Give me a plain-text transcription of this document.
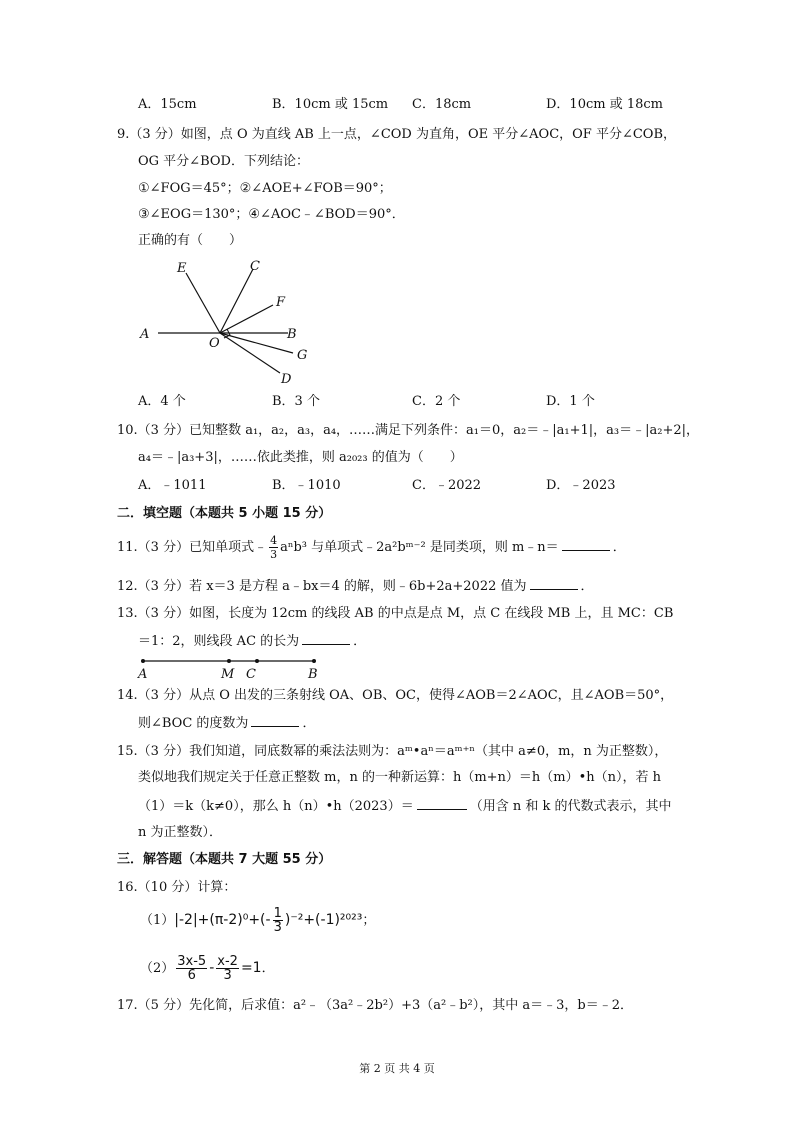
A．15cm	B．10cm 或 15cm C．18cm	D．10cm 或 18cm
9.（3 分）如图，点 O 为直线 AB 上一点，∠COD 为直角，OE 平分∠AOC，OF 平分∠COB，
OG 平分∠BOD．下列结论：
①∠FOG＝45°；②∠AOE+∠FOB＝90°；
③∠EOG＝130°；④∠AOC﹣∠BOD＝90°．
正确的有（　　）
E	C
F
A	B
O
G
D
A．4 个	B．3 个	C．2 个	D．1 个
10.（3 分）已知整数 a₁，a₂，a₃，a₄，……满足下列条件：a₁＝0，a₂＝﹣|a₁+1|，a₃＝﹣|a₂+2|，
a₄＝﹣|a₃+3|，……依此类推，则 a₂₀₂₃ 的值为（　　）
A．﹣1011	B．﹣1010	C．﹣2022	D．﹣2023
二．填空题（本题共 5 小题 15 分）
11.（3 分）已知单项式﹣ $\frac{4}{3} a^nb^3$ 与单项式﹣2a²bᵐ⁻² 是同类项，则 m﹣n＝	．
12.（3 分）若 x＝3 是方程 a﹣bx＝4 的解，则﹣6b+2a+2022 值为	．
13.（3 分）如图，长度为 12cm 的线段 AB 的中点是点 M，点 C 在线段 MB 上，且 MC：CB
＝1：2，则线段 AC 的长为	．
A	M C	B
14.（3 分）从点 O 出发的三条射线 OA、OB、OC，使得∠AOB＝2∠AOC，且∠AOB＝50°，
则∠BOC 的度数为	．
15.（3 分）我们知道，同底数幂的乘法法则为：aᵐ•aⁿ＝aᵐ⁺ⁿ（其中 a≠0，m，n 为正整数），
类似地我们规定关于任意正整数 m，n 的一种新运算：h（m+n）＝h（m）•h（n），若 h
（1）＝k（k≠0），那么 h（n）•h（2023）＝	（用含 n 和 k 的代数式表示，其中
n 为正整数）．
三．解答题（本题共 7 大题 55 分）
16.（10 分）计算：
$(1)|-2|+(\pi-2)^0+(- \frac{1}{3} )^{-2}+(-1)^{2023}$；
$(2) \frac{3x-5}{6} - \frac{x-2}{3} =1$．
17.（5 分）先化简，后求值：a²﹣（3a²﹣2b²）+3（a²﹣b²），其中 a＝﹣3，b＝﹣2．
第 2 页 共 4 页
